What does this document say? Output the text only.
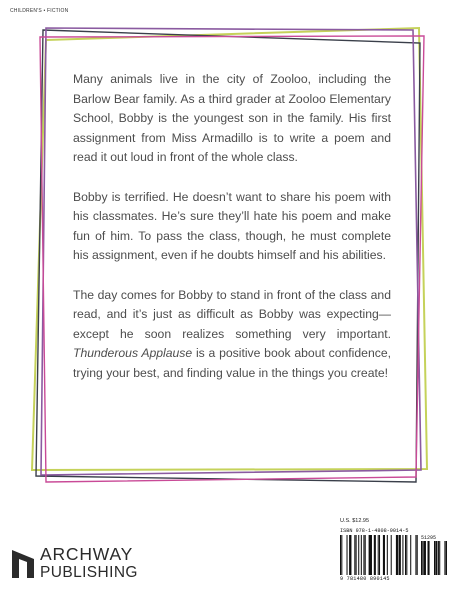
CHILDREN'S • FICTION

Many animals live in the city of Zooloo, including the Barlow Bear family. As a third grader at Zooloo Elementary School, Bobby is the youngest son in the family. His first assignment from Miss Armadillo is to write a poem and read it out loud in front of the whole class.

Bobby is terrified. He doesn’t want to share his poem with his classmates. He’s sure they’ll hate his poem and make fun of him. To pass the class, though, he must complete his assignment, even if he doubts himself and his abilities.

The day comes for Bobby to stand in front of the class and read, and it’s just as difficult as Bobby was expecting—except he soon realizes something very important. Thunderous Applause is a positive book about confidence, trying your best, and finding value in the things you create!

U.S. $12.95
ISBN 978-1-4808-9014-5
51295
9 781480 890145
ARCHWAY
PUBLISHING
